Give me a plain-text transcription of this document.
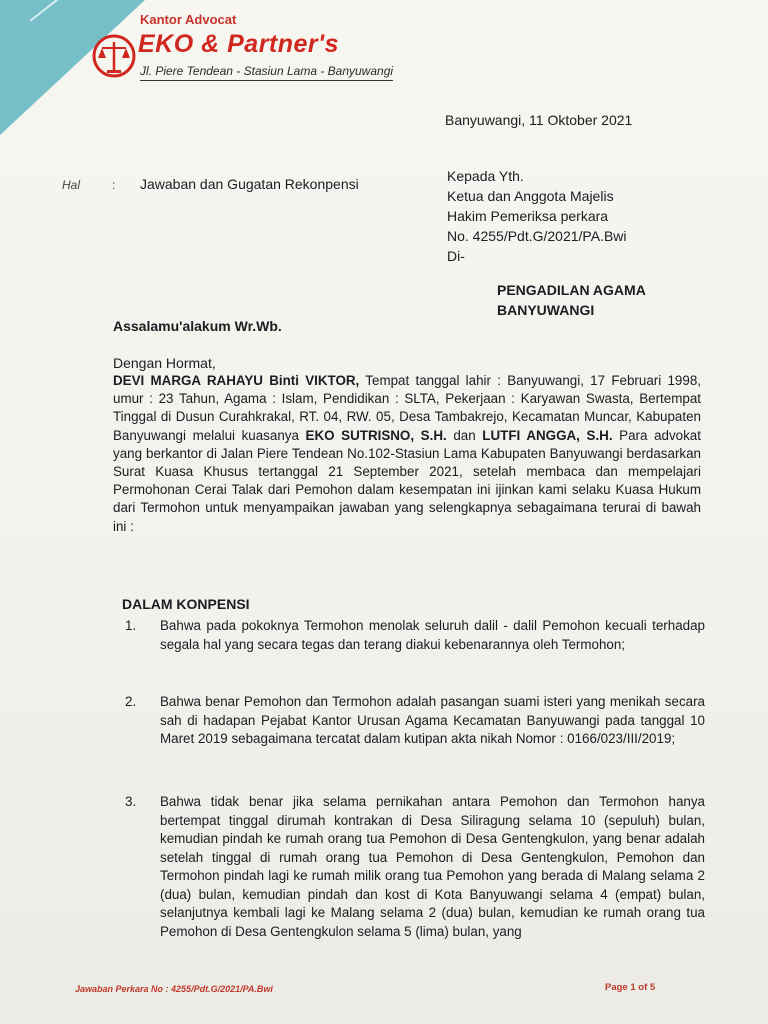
Kantor Advocat
EKO & Partner's
Jl. Piere Tendean - Stasiun Lama - Banyuwangi
Banyuwangi, 11 Oktober 2021
Hal	: Jawaban dan Gugatan Rekonpensi	Kepada Yth.
Ketua dan Anggota Majelis
Hakim Pemeriksa perkara
No. 4255/Pdt.G/2021/PA.Bwi
Di-
PENGADILAN AGAMA
BANYUWANGI
Assalamu'alakum Wr.Wb.
Dengan Hormat,
DEVI MARGA RAHAYU Binti VIKTOR, Tempat tanggal lahir : Banyuwangi, 17 Februari 1998, umur : 23 Tahun, Agama : Islam, Pendidikan : SLTA, Pekerjaan : Karyawan Swasta, Bertempat Tinggal di Dusun Curahkrakal, RT. 04, RW. 05, Desa Tambakrejo, Kecamatan Muncar, Kabupaten Banyuwangi melalui kuasanya EKO SUTRISNO, S.H. dan LUTFI ANGGA, S.H. Para advokat yang berkantor di Jalan Piere Tendean No.102-Stasiun Lama Kabupaten Banyuwangi berdasarkan Surat Kuasa Khusus tertanggal 21 September 2021, setelah membaca dan mempelajari Permohonan Cerai Talak dari Pemohon dalam kesempatan ini ijinkan kami selaku Kuasa Hukum dari Termohon untuk menyampaikan jawaban yang selengkapnya sebagaimana terurai di bawah ini :
DALAM KONPENSI
1.	Bahwa pada pokoknya Termohon menolak seluruh dalil - dalil Pemohon kecuali terhadap segala hal yang secara tegas dan terang diakui kebenarannya oleh Termohon;
2.	Bahwa benar Pemohon dan Termohon adalah pasangan suami isteri yang menikah secara sah di hadapan Pejabat Kantor Urusan Agama Kecamatan Banyuwangi pada tanggal 10 Maret 2019 sebagaimana tercatat dalam kutipan akta nikah Nomor : 0166/023/III/2019;
3.	Bahwa tidak benar jika selama pernikahan antara Pemohon dan Termohon hanya bertempat tinggal dirumah kontrakan di Desa Siliragung selama 10 (sepuluh) bulan, kemudian pindah ke rumah orang tua Pemohon di Desa Gentengkulon, yang benar adalah setelah tinggal di rumah orang tua Pemohon di Desa Gentengkulon, Pemohon dan Termohon pindah lagi ke rumah milik orang tua Pemohon yang berada di Malang selama 2 (dua) bulan, kemudian pindah dan kost di Kota Banyuwangi selama 4 (empat) bulan, selanjutnya kembali lagi ke Malang selama 2 (dua) bulan, kemudian ke rumah orang tua Pemohon di Desa Gentengkulon selama 5 (lima) bulan, yang
Jawaban Perkara No : 4255/Pdt.G/2021/PA.Bwi	Page 1 of 5
